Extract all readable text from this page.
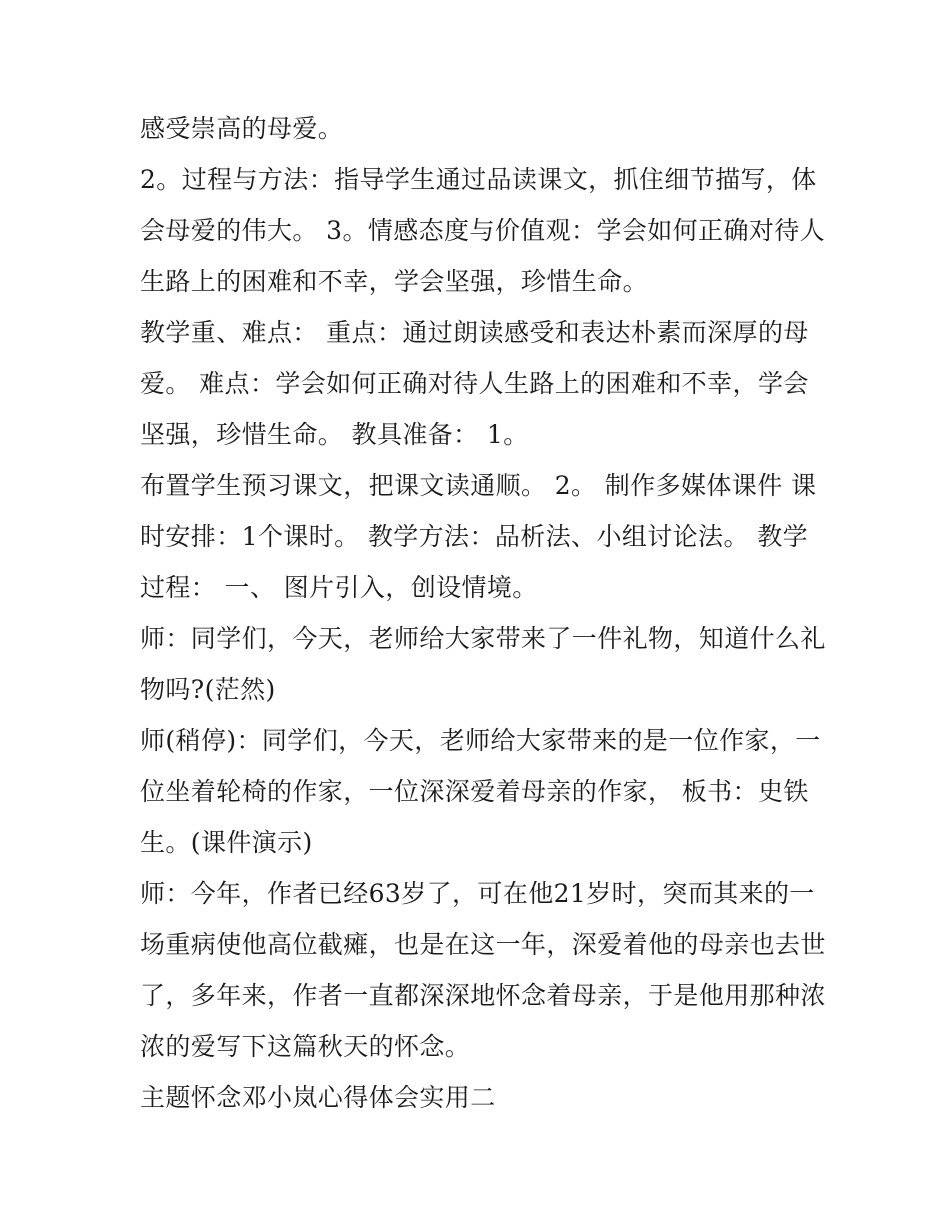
感受崇高的母爱。
2。过程与方法：指导学生通过品读课文，抓住细节描写，体
会母爱的伟大。 3。情感态度与价值观：学会如何正确对待人
生路上的困难和不幸，学会坚强，珍惜生命。
教学重、难点： 重点：通过朗读感受和表达朴素而深厚的母
爱。 难点：学会如何正确对待人生路上的困难和不幸，学会
坚强，珍惜生命。 教具准备： 1。
布置学生预习课文，把课文读通顺。 2。 制作多媒体课件 课
时安排：1个课时。 教学方法：品析法、小组讨论法。 教学
过程： 一、 图片引入，创设情境。
师：同学们，今天，老师给大家带来了一件礼物，知道什么礼
物吗?(茫然)
师(稍停)：同学们，今天，老师给大家带来的是一位作家，一
位坐着轮椅的作家，一位深深爱着母亲的作家， 板书：史铁
生。(课件演示)
师：今年，作者已经63岁了，可在他21岁时，突而其来的一
场重病使他高位截瘫，也是在这一年，深爱着他的母亲也去世
了，多年来，作者一直都深深地怀念着母亲，于是他用那种浓
浓的爱写下这篇秋天的怀念。
主题怀念邓小岚心得体会实用二
